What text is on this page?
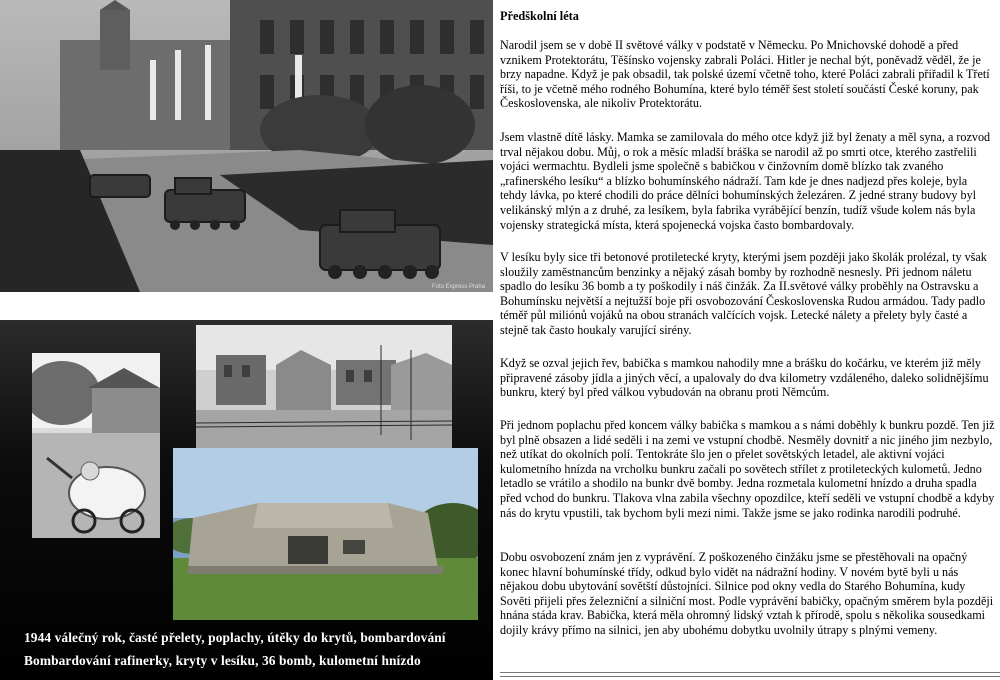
Foto Express Praha
1944 válečný rok, časté přelety, poplachy, útěky do krytů, bombardování
Bombardování rafinerky, kryty v lesíku, 36 bomb, kulometní hnízdo
Předškolní léta

Narodil jsem se v době II světové války v podstatě v Německu. Po Mnichovské dohodě a před vznikem Protektorátu, Těšínsko vojensky zabrali Poláci. Hitler je nechal být, poněvadž věděl, že je brzy napadne. Když je pak obsadil, tak polské území včetně toho, které Poláci zabrali přiřadil k Třetí říši, to je včetně mého rodného Bohumína, které bylo téměř šest století součástí České koruny, pak Československa, ale nikoliv Protektorátu.

Jsem vlastně dítě lásky. Mamka se zamilovala do mého otce když již byl ženaty a měl syna, a rozvod trval nějakou dobu. Můj, o rok a měsíc mladší bráška se narodil až po smrti otce, kterého zastřelili vojáci wermachtu. Bydleli jsme společně s babičkou v činžovním domě blízko tak zvaného „rafinerského lesíku“ a blízko bohumínského nádraží. Tam kde je dnes nadjezd přes koleje, byla tehdy lávka, po které chodili do práce dělníci bohumínských železáren. Z jedné strany budovy byl velikánský mlýn a z druhé, za lesíkem, byla fabrika vyrábějící benzín, tudíž všude kolem nás byla vojensky strategická místa, která spojenecká vojska často bombardovaly.

V lesíku byly sice tři betonové protiletecké kryty, kterými jsem později jako školák prolézal, ty však sloužily zaměstnancům benzinky a nějaký zásah bomby by rozhodně nesnesly. Při jednom náletu spadlo do lesíku 36 bomb a ty poškodily i náš činžák. Za II.světové války proběhly na Ostravsku a Bohumínsku největší a nejtužší boje při osvobozování Československa Rudou armádou. Tady padlo téměř půl miliónů vojáků na obou stranách valčících vojsk. Letecké nálety a přelety byly časté a stejně tak často houkaly varující sirény.

Když se ozval jejich řev, babička s mamkou nahodily mne a brášku do kočárku, ve kterém již měly připravené zásoby jídla a jiných věcí, a upalovaly do dva kilometry vzdáleného, daleko solidnějšímu bunkru, který byl před válkou vybudován na obranu proti Němcům.

Při jednom poplachu před koncem války babička s mamkou a s námi doběhly k bunkru pozdě. Ten již byl plně obsazen a lidé seděli i na zemi ve vstupní chodbě. Nesměly dovnitř a nic jiného jim nezbylo, než utíkat do okolních polí. Tentokráte šlo jen o přelet sovětských letadel, ale aktivní vojáci kulometního hnízda na vrcholku bunkru začali po sovětech střílet z protileteckých kulometů. Jedno letadlo se vrátilo a shodilo na bunkr dvě bomby. Jedna rozmetala kulometní hnízdo a druha spadla před vchod do bunkru. Tlakova vlna zabila všechny opozdilce, kteří seděli ve vstupní chodbě a kdyby nás do krytu vpustili, tak bychom byli mezi nimi. Takže jsme se jako rodinka narodili podruhé.

Dobu osvobození znám jen z vyprávění. Z poškozeného činžáku jsme se přestěhovali na opačný konec hlavní bohumínské třídy, odkud bylo vidět na nádražní hodiny. V novém bytě byli u nás nějakou dobu ubytování sovětští důstojníci. Silnice pod okny vedla do Starého Bohumína, kudy Sověti přijeli přes železniční a silniční most. Podle vyprávění babičky, opačným směrem byla později hnána stáda krav. Babička, která měla ohromný lidský vztah k přírodě, spolu s několika sousedkami dojily krávy přímo na silnici, jen aby ubohému dobytku uvolnily útrapy s plnými vemeny.
